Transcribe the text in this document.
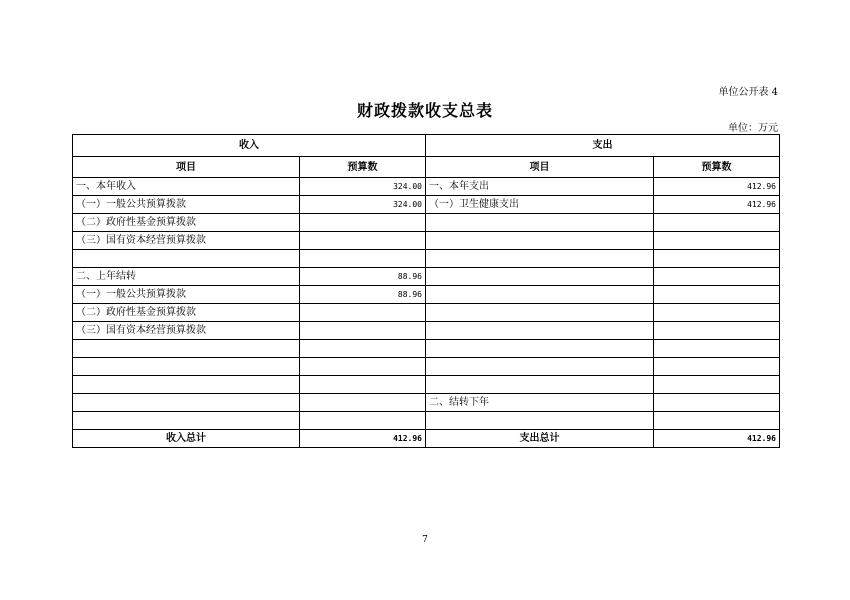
单位公开表 4
财政拨款收支总表
单位：万元
收入		支出	
项目	预算数	项目	预算数
一、本年收入	324.00	一、本年支出	412.96
（一）一般公共预算拨款	324.00	（一）卫生健康支出	412.96
（二）政府性基金预算拨款			
（三）国有资本经营预算拨款			

二、上年结转	88.96		
（一）一般公共预算拨款	88.96		
（二）政府性基金预算拨款			
（三）国有资本经营预算拨款			

		二、结转下年	

收入总计	412.96	支出总计	412.96
7
